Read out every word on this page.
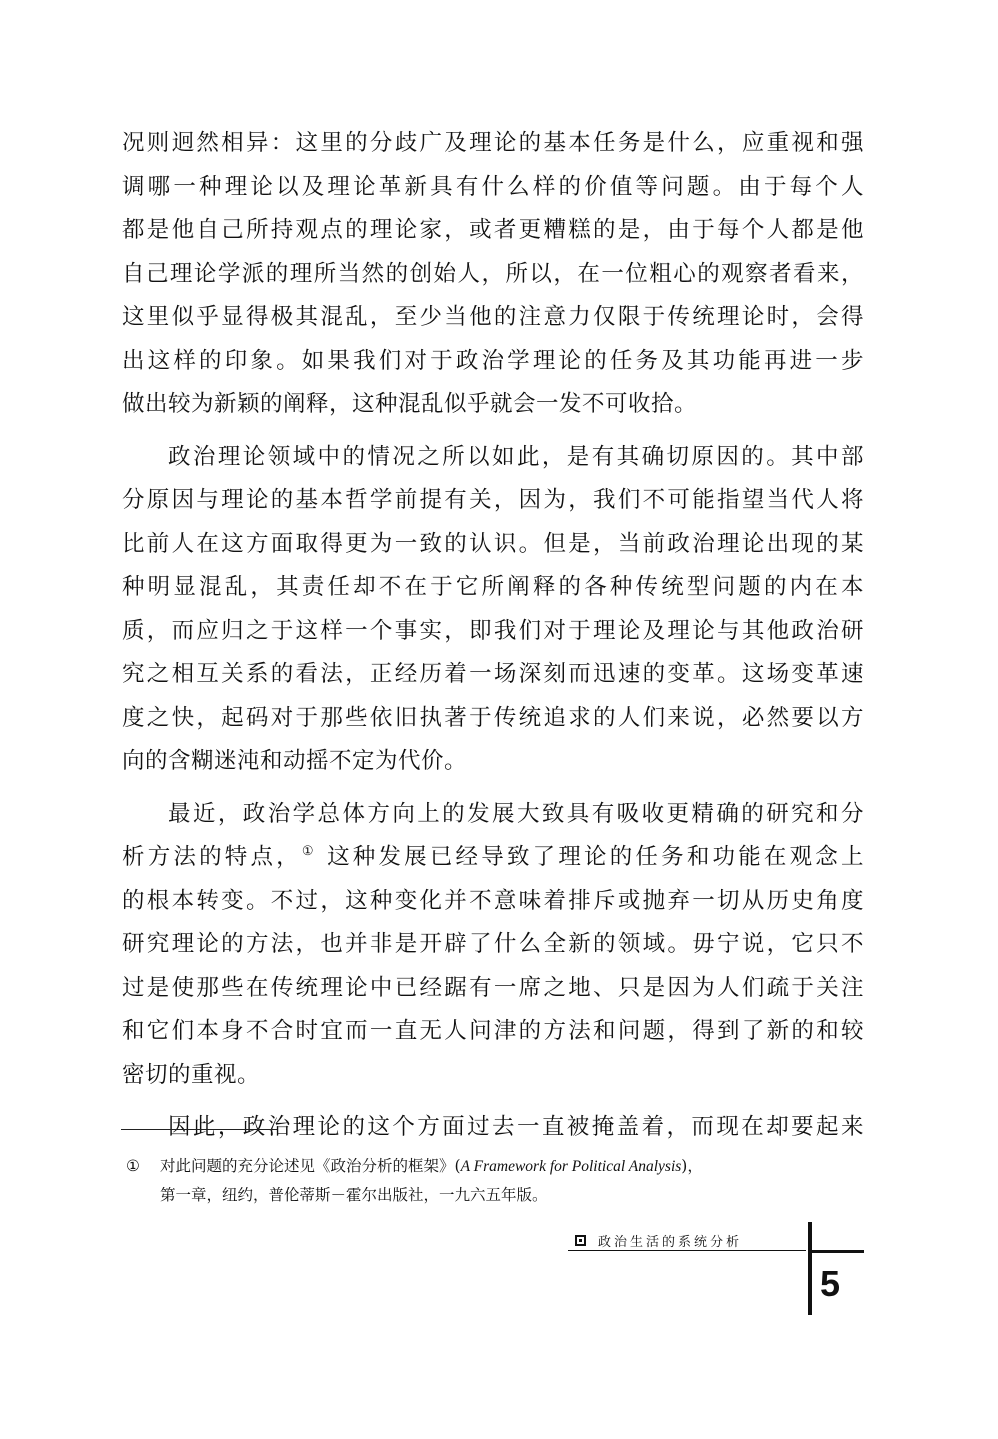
况则迥然相异：这里的分歧广及理论的基本任务是什么，应重视和强
调哪一种理论以及理论革新具有什么样的价值等问题。由于每个人
都是他自己所持观点的理论家，或者更糟糕的是，由于每个人都是他
自己理论学派的理所当然的创始人，所以，在一位粗心的观察者看来，
这里似乎显得极其混乱，至少当他的注意力仅限于传统理论时，会得
出这样的印象。如果我们对于政治学理论的任务及其功能再进一步
做出较为新颖的阐释，这种混乱似乎就会一发不可收拾。
政治理论领域中的情况之所以如此，是有其确切原因的。其中部
分原因与理论的基本哲学前提有关，因为，我们不可能指望当代人将
比前人在这方面取得更为一致的认识。但是，当前政治理论出现的某
种明显混乱，其责任却不在于它所阐释的各种传统型问题的内在本
质，而应归之于这样一个事实，即我们对于理论及理论与其他政治研
究之相互关系的看法，正经历着一场深刻而迅速的变革。这场变革速
度之快，起码对于那些依旧执著于传统追求的人们来说，必然要以方
向的含糊迷沌和动摇不定为代价。
最近，政治学总体方向上的发展大致具有吸收更精确的研究和分
析方法的特点，① 这种发展已经导致了理论的任务和功能在观念上
的根本转变。不过，这种变化并不意味着排斥或抛弃一切从历史角度
研究理论的方法，也并非是开辟了什么全新的领域。毋宁说，它只不
过是使那些在传统理论中已经踞有一席之地、只是因为人们疏于关注
和它们本身不合时宜而一直无人问津的方法和问题，得到了新的和较
密切的重视。
因此，政治理论的这个方面过去一直被掩盖着，而现在却要起来
① 对此问题的充分论述见《政治分析的框架》(A Framework for Political Analysis)，
第一章，纽约，普伦蒂斯－霍尔出版社，一九六五年版。
政治生活的系统分析
5
